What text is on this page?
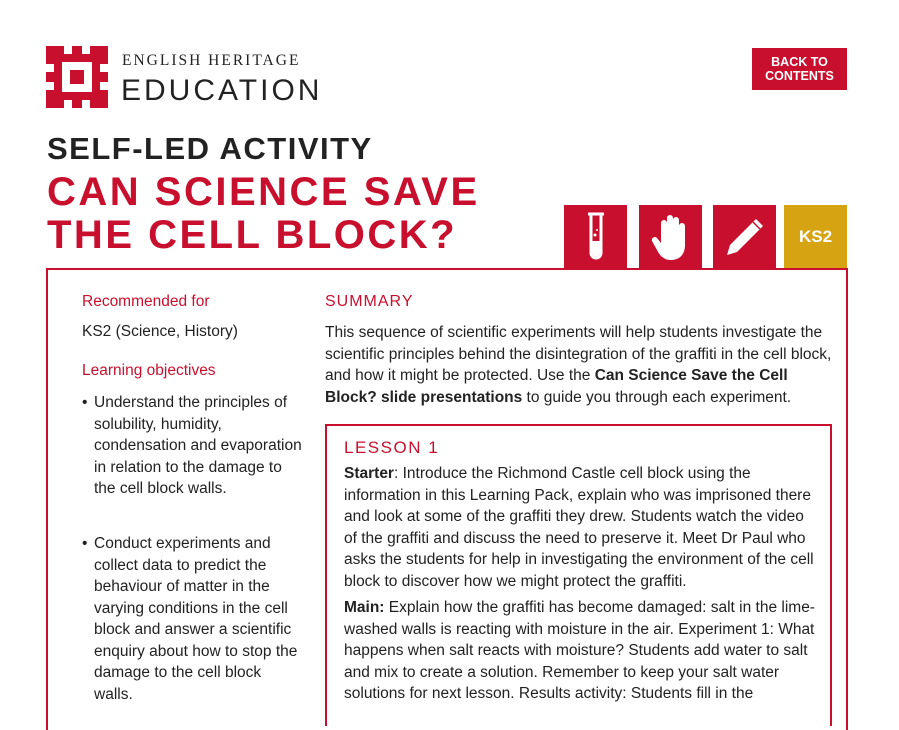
ENGLISH HERITAGE
EDUCATION
BACK TO
CONTENTS
SELF-LED ACTIVITY
CAN SCIENCE SAVE
THE CELL BLOCK?	KS2
Recommended for
KS2 (Science, History)
Learning objectives
• Understand the principles of solubility, humidity, condensation and evaporation in relation to the damage to the cell block walls.
• Conduct experiments and collect data to predict the behaviour of matter in the varying conditions in the cell block and answer a scientific enquiry about how to stop the damage to the cell block walls.
SUMMARY
This sequence of scientific experiments will help students investigate the scientific principles behind the disintegration of the graffiti in the cell block, and how it might be protected. Use the Can Science Save the Cell Block? slide presentations to guide you through each experiment.
LESSON 1
Starter: Introduce the Richmond Castle cell block using the information in this Learning Pack, explain who was imprisoned there and look at some of the graffiti they drew. Students watch the video of the graffiti and discuss the need to preserve it. Meet Dr Paul who asks the students for help in investigating the environment of the cell block to discover how we might protect the graffiti.
Main: Explain how the graffiti has become damaged: salt in the lime-washed walls is reacting with moisture in the air. Experiment 1: What happens when salt reacts with moisture? Students add water to salt and mix to create a solution. Remember to keep your salt water solutions for next lesson. Results activity: Students fill in the
